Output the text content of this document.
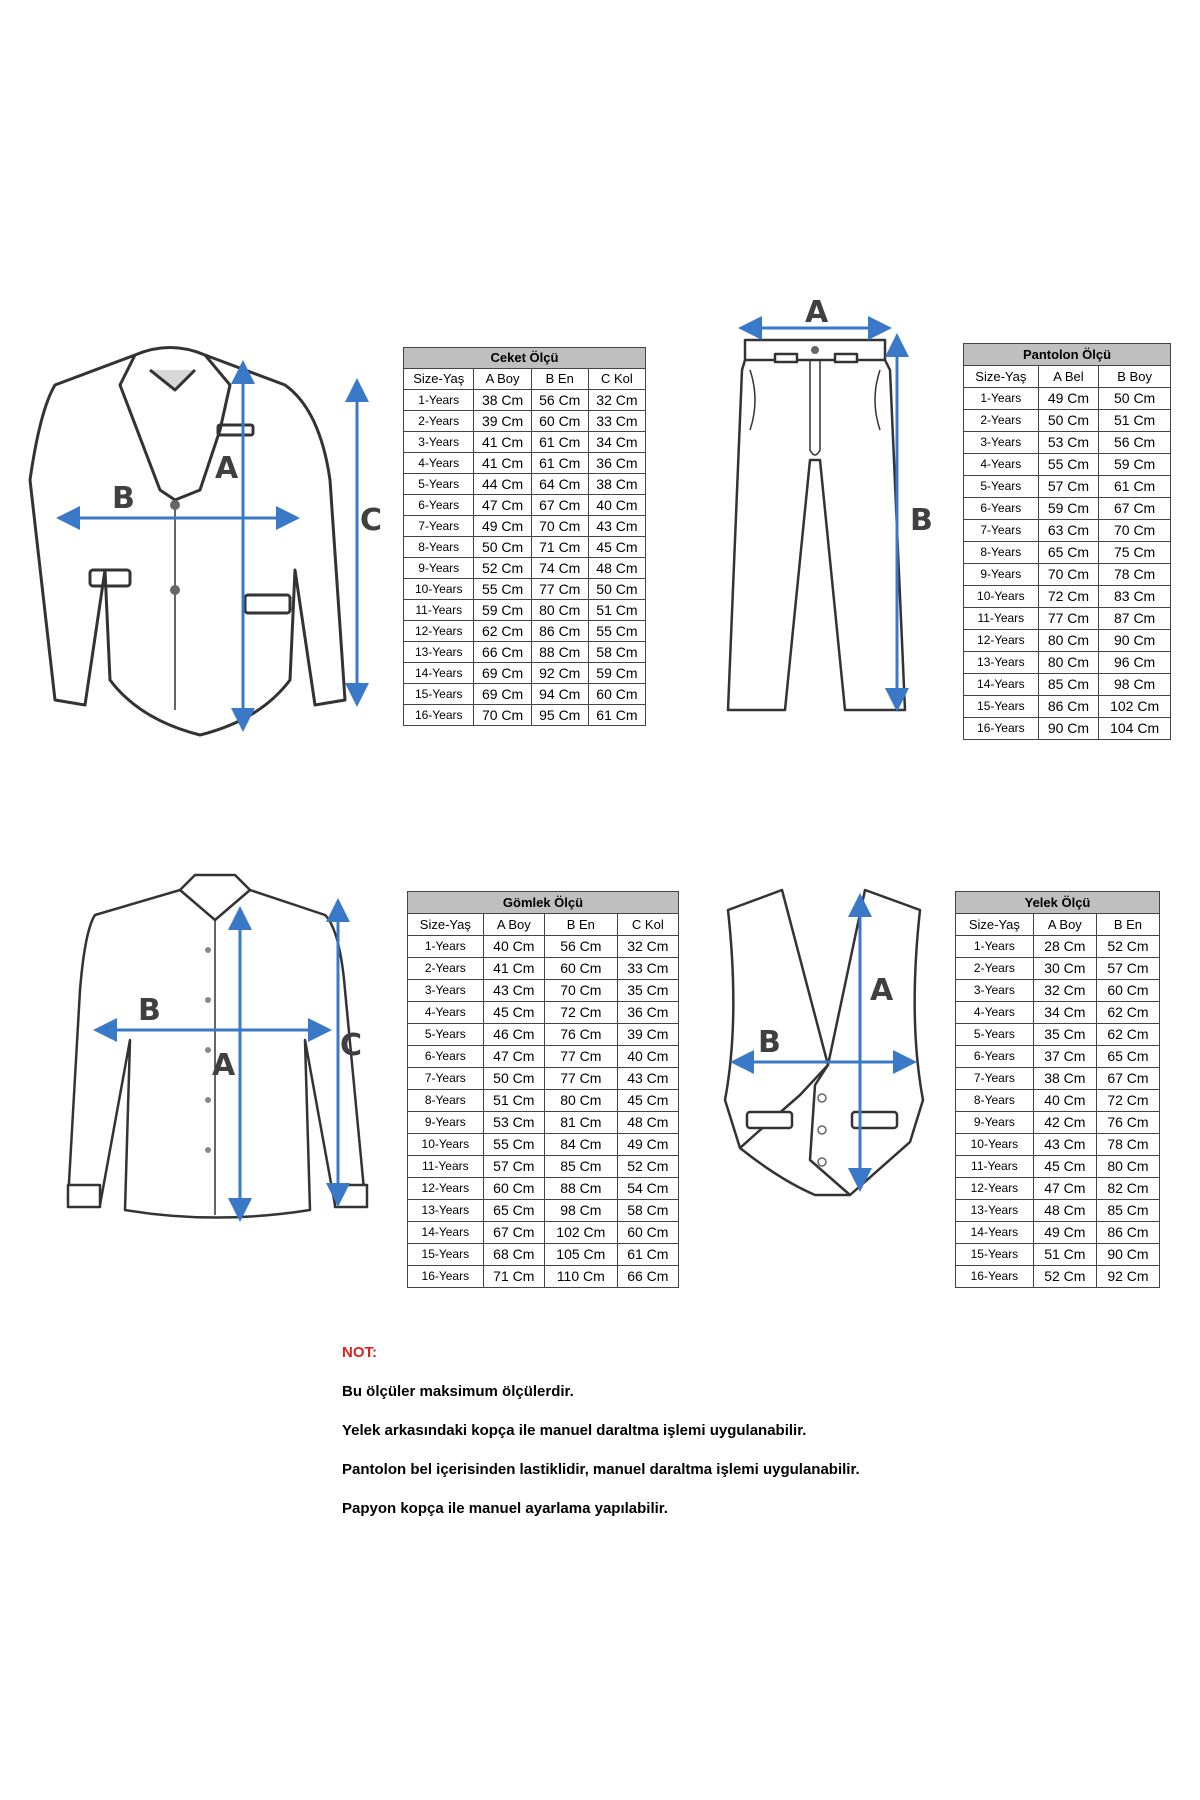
B
A
C
Ceket Ölçü			
Size-Yaş	A Boy	B En	C Kol
1-Years	38 Cm	56 Cm	32 Cm
2-Years	39 Cm	60 Cm	33 Cm
3-Years	41 Cm	61 Cm	34 Cm
4-Years	41 Cm	61 Cm	36 Cm
5-Years	44 Cm	64 Cm	38 Cm
6-Years	47 Cm	67 Cm	40 Cm
7-Years	49 Cm	70 Cm	43 Cm
8-Years	50 Cm	71 Cm	45 Cm
9-Years	52 Cm	74 Cm	48 Cm
10-Years	55 Cm	77 Cm	50 Cm
11-Years	59 Cm	80 Cm	51 Cm
12-Years	62 Cm	86 Cm	55 Cm
13-Years	66 Cm	88 Cm	58 Cm
14-Years	69 Cm	92 Cm	59 Cm
15-Years	69 Cm	94 Cm	60 Cm
16-Years	70 Cm	95 Cm	61 Cm
A
B
Pantolon Ölçü		
Size-Yaş	A Bel	B Boy
1-Years	49 Cm	50 Cm
2-Years	50 Cm	51 Cm
3-Years	53 Cm	56 Cm
4-Years	55 Cm	59 Cm
5-Years	57 Cm	61 Cm
6-Years	59 Cm	67 Cm
7-Years	63 Cm	70 Cm
8-Years	65 Cm	75 Cm
9-Years	70 Cm	78 Cm
10-Years	72 Cm	83 Cm
11-Years	77 Cm	87 Cm
12-Years	80 Cm	90 Cm
13-Years	80 Cm	96 Cm
14-Years	85 Cm	98 Cm
15-Years	86 Cm	102 Cm
16-Years	90 Cm	104 Cm
B
A
C
Gömlek Ölçü			
Size-Yaş	A Boy	B En	C Kol
1-Years	40 Cm	56 Cm	32 Cm
2-Years	41 Cm	60 Cm	33 Cm
3-Years	43 Cm	70 Cm	35 Cm
4-Years	45 Cm	72 Cm	36 Cm
5-Years	46 Cm	76 Cm	39 Cm
6-Years	47 Cm	77 Cm	40 Cm
7-Years	50 Cm	77 Cm	43 Cm
8-Years	51 Cm	80 Cm	45 Cm
9-Years	53 Cm	81 Cm	48 Cm
10-Years	55 Cm	84 Cm	49 Cm
11-Years	57 Cm	85 Cm	52 Cm
12-Years	60 Cm	88 Cm	54 Cm
13-Years	65 Cm	98 Cm	58 Cm
14-Years	67 Cm	102 Cm	60 Cm
15-Years	68 Cm	105 Cm	61 Cm
16-Years	71 Cm	110 Cm	66 Cm
B
A
Yelek Ölçü		
Size-Yaş	A Boy	B En
1-Years	28 Cm	52 Cm
2-Years	30 Cm	57 Cm
3-Years	32 Cm	60 Cm
4-Years	34 Cm	62 Cm
5-Years	35 Cm	62 Cm
6-Years	37 Cm	65 Cm
7-Years	38 Cm	67 Cm
8-Years	40 Cm	72 Cm
9-Years	42 Cm	76 Cm
10-Years	43 Cm	78 Cm
11-Years	45 Cm	80 Cm
12-Years	47 Cm	82 Cm
13-Years	48 Cm	85 Cm
14-Years	49 Cm	86 Cm
15-Years	51 Cm	90 Cm
16-Years	52 Cm	92 Cm
NOT:
Bu ölçüler maksimum ölçülerdir.
Yelek arkasındaki kopça ile manuel daraltma işlemi uygulanabilir.
Pantolon bel içerisinden lastiklidir, manuel daraltma işlemi uygulanabilir.
Papyon kopça ile manuel ayarlama yapılabilir.
